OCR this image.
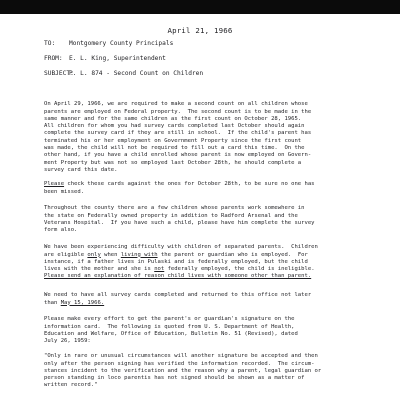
April 21, 1966
TO: Montgomery County Principals
FROM: E. L. King, Superintendent
SUBJECT:P. L. 874 - Second Count on Children

On April 29, 1966, we are required to make a second count on all children whose
parents are employed on Federal property.  The second count is to be made in the
same manner and for the same children as the first count on October 28, 1965.
All children for whom you had survey cards completed last October should again
complete the survey card if they are still in school.  If the child's parent has
terminated his or her employment on Government Property since the first count
was made, the child will not be required to fill out a card this time.  On the
other hand, if you have a child enrolled whose parent is now employed on Govern-
ment Property but was not so employed last October 28th, he should complete a
survey card this date.

Please check these cards against the ones for October 28th, to be sure no one has
been missed.

Throughout the county there are a few children whose parents work somewhere in
the state on Federally owned property in addition to Radford Arsenal and the
Veterans Hospital.  If you have such a child, please have him complete the survey
form also.

We have been experiencing difficulty with children of separated parents.  Children
are eligible only when living with the parent or guardian who is employed.  For
instance, if a father lives in Pulaski and is federally employed, but the child
lives with the mother and she is not federally employed, the child is ineligible.
Please send an explanation of reason child lives with someone other than parent.

We need to have all survey cards completed and returned to this office not later
than May 15, 1966.

Please make every effort to get the parent's or guardian's signature on the
information card.  The following is quoted from U. S. Department of Health,
Education and Welfare, Office of Education, Bulletin No. 51 (Revised), dated
July 26, 1959:

"Only in rare or unusual circumstances will another signature be accepted and then
only after the person signing has verified the information recorded.  The circum-
stances incident to the verification and the reason why a parent, legal guardian or
person standing in loco parentis has not signed should be shown as a matter of
written record."
